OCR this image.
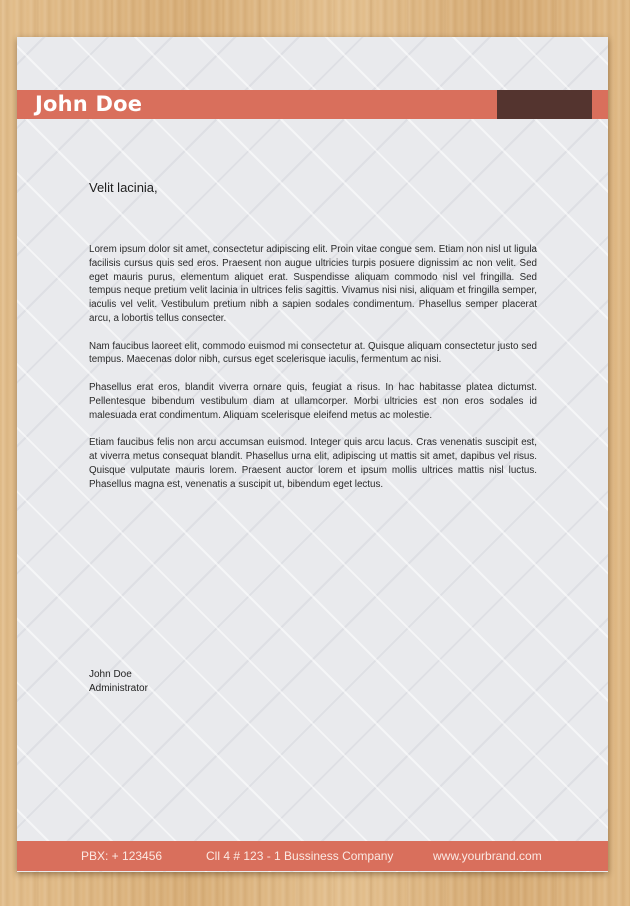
John Doe

Velit lacinia,

Lorem ipsum dolor sit amet, consectetur adipiscing elit. Proin vitae congue sem. Etiam non nisl ut ligula facilisis cursus quis sed eros. Praesent non augue ultricies turpis posuere dignissim ac non velit. Sed eget mauris purus, elementum aliquet erat. Suspendisse aliquam commodo nisl vel fringilla. Sed tempus neque pretium velit lacinia in ultrices felis sagittis. Vivamus nisi nisi, aliquam et fringilla semper, iaculis vel velit. Vestibulum pretium nibh a sapien sodales condimentum. Phasellus semper placerat arcu, a lobortis tellus consecter.

Nam faucibus laoreet elit, commodo euismod mi consectetur at. Quisque aliquam consectetur justo sed tempus. Maecenas dolor nibh, cursus eget scelerisque iaculis, fermentum ac nisi.

Phasellus erat eros, blandit viverra ornare quis, feugiat a risus. In hac habitasse platea dictumst. Pellentesque bibendum vestibulum diam at ullamcorper. Morbi ultricies est non eros sodales id malesuada erat condimentum. Aliquam scelerisque eleifend metus ac molestie.

Etiam faucibus felis non arcu accumsan euismod. Integer quis arcu lacus. Cras venenatis suscipit est, at viverra metus consequat blandit. Phasellus urna elit, adipiscing ut mattis sit amet, dapibus vel risus. Quisque vulputate mauris lorem. Praesent auctor lorem et ipsum mollis ultrices mattis nisl luctus. Phasellus magna est, venenatis a suscipit ut, bibendum eget lectus.

John Doe
Administrator
PBX: + 123456	Cll 4 # 123 - 1 Bussiness Company	www.yourbrand.com
